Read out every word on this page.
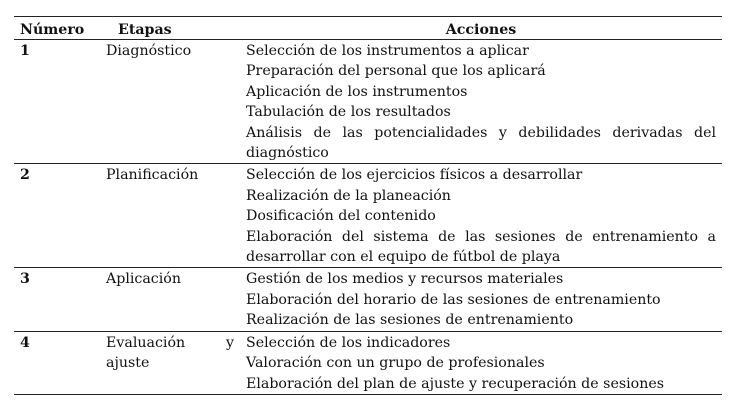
Número	Etapas	Acciones
1	Diagnóstico	Selección de los instrumentos a aplicar
Preparación del personal que los aplicará
Aplicación de los instrumentos
Tabulación de los resultados
Análisis de las potencialidades y debilidades derivadas del diagnóstico

2	Planificación	Selección de los ejercicios físicos a desarrollar
Realización de la planeación
Dosificación del contenido
Elaboración del sistema de las sesiones de entrenamiento a desarrollar con el equipo de fútbol de playa

3	Aplicación	Gestión de los medios y recursos materiales
Elaboración del horario de las sesiones de entrenamiento
Realización de las sesiones de entrenamiento

4	Evaluación y ajuste	Selección de los indicadores
Valoración con un grupo de profesionales
Elaboración del plan de ajuste y recuperación de sesiones
